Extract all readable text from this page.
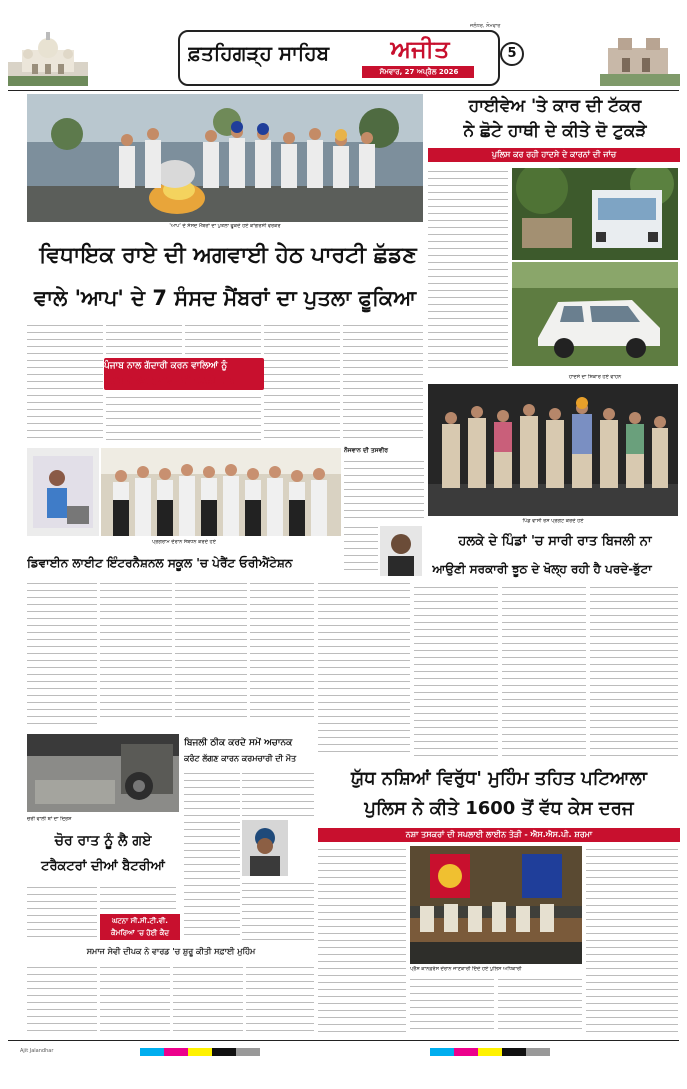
ਫ਼ਤਹਿਗੜ੍ਹ ਸਾਹਿਬ	ਅਜੀਤ
ਸੋਮਵਾਰ, 27 ਅਪ੍ਰੈਲ 2026
ਜਲੰਧਰ, ਸੋਮਵਾਰ
5
'ਆਪ' ਦੇ ਸੰਸਦ ਮੈਂਬਰਾਂ ਦਾ ਪੁਤਲਾ ਫੂਕਦੇ ਹੋਏ ਕਾਂਗਰਸੀ ਵਰਕਰ
ਹਾਈਵੇਅ 'ਤੇ ਕਾਰ ਦੀ ਟੱਕਰ
ਨੇ ਛੋਟੇ ਹਾਥੀ ਦੇ ਕੀਤੇ ਦੋ ਟੁਕੜੇ
ਪੁਲਿਸ ਕਰ ਰਹੀ ਹਾਦਸੇ ਦੇ ਕਾਰਨਾਂ ਦੀ ਜਾਂਚ
ਹਾਦਸੇ ਦਾ ਸ਼ਿਕਾਰ ਹੋਏ ਵਾਹਨ
ਵਿਧਾਇਕ ਰਾਏ ਦੀ ਅਗਵਾਈ ਹੇਠ ਪਾਰਟੀ ਛੱਡਣ
ਵਾਲੇ 'ਆਪ' ਦੇ 7 ਸੰਸਦ ਮੈਂਬਰਾਂ ਦਾ ਪੁਤਲਾ ਫੂਕਿਆ
ਪੰਜਾਬ ਨਾਲ ਗੱਦਾਰੀ ਕਰਨ ਵਾਲਿਆਂ ਨੂੰ
ਪੰਜਾਬ ਦੇ ਲੋਕ ਮੁਆਫ਼ ਨਹੀਂ ਕਰਨਗੇ-ਰਾਏ
ਪਿੰਡ ਵਾਸੀ ਰੋਸ ਪ੍ਰਗਟ ਕਰਦੇ ਹੋਏ
ਨੌਜਵਾਨ ਦੀ ਤਸਵੀਰ
ਪ੍ਰੋਗਰਾਮ ਦੌਰਾਨ ਸੰਬੋਧਨ ਕਰਦੇ ਹੋਏ
ਡਿਵਾਈਨ ਲਾਈਟ ਇੰਟਰਨੈਸ਼ਨਲ ਸਕੂਲ 'ਚ ਪੇਰੈਂਟ ਓਰੀਐਂਟੇਸ਼ਨ
ਹਲਕੇ ਦੇ ਪਿੰਡਾਂ 'ਚ ਸਾਰੀ ਰਾਤ ਬਿਜਲੀ ਨਾ
ਆਉਣੀ ਸਰਕਾਰੀ ਝੂਠ ਦੇ ਖੋਲ੍ਹ ਰਹੀ ਹੈ ਪਰਦੇ-ਭੁੱਟਾ
ਬਿਜਲੀ ਠੀਕ ਕਰਦੇ ਸਮੇਂ ਅਚਾਨਕ
ਕਰੰਟ ਲੱਗਣ ਕਾਰਨ ਕਰਮਚਾਰੀ ਦੀ ਮੌਤ
ਚੋਰੀ ਵਾਲੀ ਥਾਂ ਦਾ ਦ੍ਰਿਸ਼
ਚੋਰ ਰਾਤ ਨੂੰ ਲੈ ਗਏ
ਟਰੈਕਟਰਾਂ ਦੀਆਂ ਬੈਟਰੀਆਂ
ਘਟਨਾ ਸੀ.ਸੀ.ਟੀ.ਵੀ.
ਕੈਮਰਿਆਂ 'ਚ ਹੋਈ ਕੈਦ
ਯੁੱਧ ਨਸ਼ਿਆਂ ਵਿਰੁੱਧ' ਮੁਹਿੰਮ ਤਹਿਤ ਪਟਿਆਲਾ
ਪੁਲਿਸ ਨੇ ਕੀਤੇ 1600 ਤੋਂ ਵੱਧ ਕੇਸ ਦਰਜ
ਨਸ਼ਾ ਤਸਕਰਾਂ ਦੀ ਸਪਲਾਈ ਲਾਈਨ ਤੋੜੀ - ਐਸ.ਐਸ.ਪੀ. ਸ਼ਰਮਾ
ਪ੍ਰੈੱਸ ਕਾਨਫ਼ਰੰਸ ਦੌਰਾਨ ਜਾਣਕਾਰੀ ਦਿੰਦੇ ਹੋਏ ਪੁਲਿਸ ਅਧਿਕਾਰੀ
ਸਮਾਜ ਸੇਵੀ ਦੀਪਕ ਨੇ ਵਾਰਡ 'ਚ ਸ਼ੁਰੂ ਕੀਤੀ ਸਫ਼ਾਈ ਮੁਹਿੰਮ
Ajit Jalandhar
